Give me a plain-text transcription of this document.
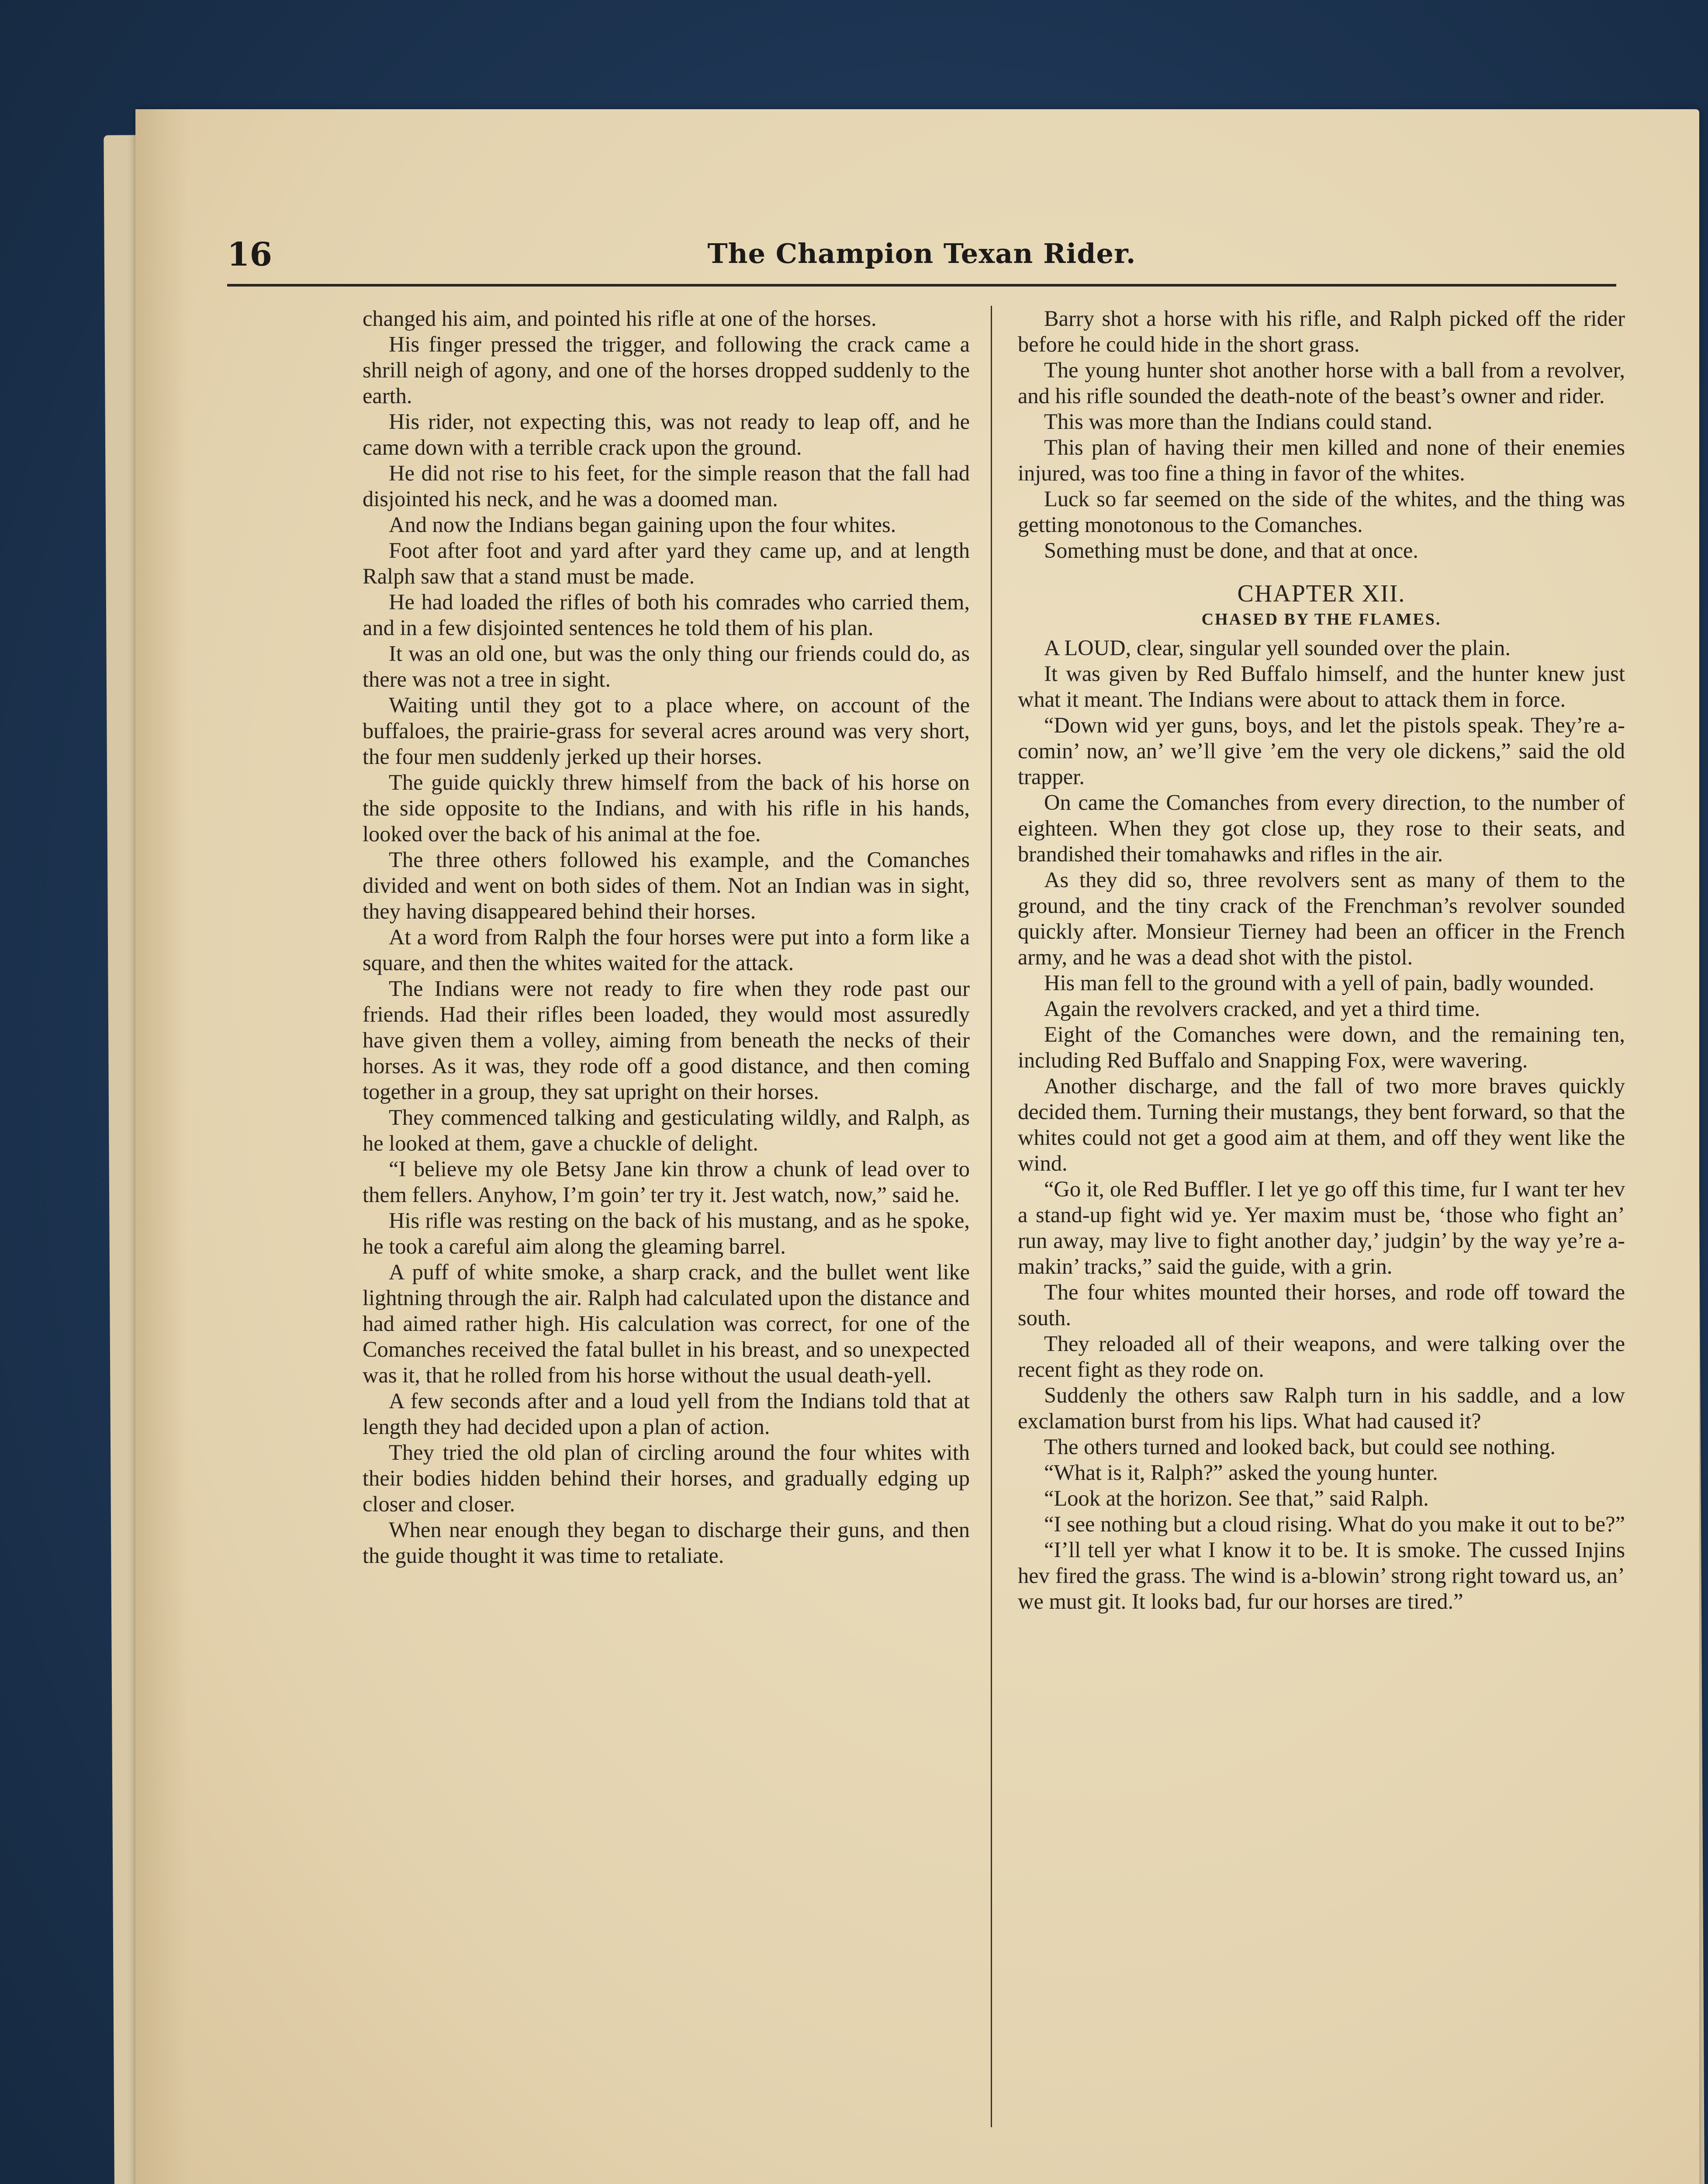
16	The Champion Texan Rider.

changed his aim, and pointed his rifle at one of the horses.

His finger pressed the trigger, and following the crack came a shrill neigh of agony, and one of the horses dropped suddenly to the earth.

His rider, not expecting this, was not ready to leap off, and he came down with a terrible crack upon the ground.

He did not rise to his feet, for the simple reason that the fall had disjointed his neck, and he was a doomed man.

And now the Indians began gaining upon the four whites.

Foot after foot and yard after yard they came up, and at length Ralph saw that a stand must be made.

He had loaded the rifles of both his comrades who carried them, and in a few disjointed sentences he told them of his plan.

It was an old one, but was the only thing our friends could do, as there was not a tree in sight.

Waiting until they got to a place where, on account of the buffaloes, the prairie-grass for several acres around was very short, the four men suddenly jerked up their horses.

The guide quickly threw himself from the back of his horse on the side opposite to the Indians, and with his rifle in his hands, looked over the back of his animal at the foe.

The three others followed his example, and the Comanches divided and went on both sides of them. Not an Indian was in sight, they having disappeared behind their horses.

At a word from Ralph the four horses were put into a form like a square, and then the whites waited for the attack.

The Indians were not ready to fire when they rode past our friends. Had their rifles been loaded, they would most assuredly have given them a volley, aiming from beneath the necks of their horses. As it was, they rode off a good distance, and then coming together in a group, they sat upright on their horses.

They commenced talking and gesticulating wildly, and Ralph, as he looked at them, gave a chuckle of delight.

“I believe my ole Betsy Jane kin throw a chunk of lead over to them fellers. Anyhow, I’m goin’ ter try it. Jest watch, now,” said he.

His rifle was resting on the back of his mustang, and as he spoke, he took a careful aim along the gleaming barrel.

A puff of white smoke, a sharp crack, and the bullet went like lightning through the air. Ralph had calculated upon the distance and had aimed rather high. His calculation was correct, for one of the Comanches received the fatal bullet in his breast, and so unexpected was it, that he rolled from his horse without the usual death-yell.

A few seconds after and a loud yell from the Indians told that at length they had decided upon a plan of action.

They tried the old plan of circling around the four whites with their bodies hidden behind their horses, and gradually edging up closer and closer.

When near enough they began to discharge their guns, and then the guide thought it was time to retaliate.

Barry shot a horse with his rifle, and Ralph picked off the rider before he could hide in the short grass.

The young hunter shot another horse with a ball from a revolver, and his rifle sounded the death-note of the beast’s owner and rider.

This was more than the Indians could stand.

This plan of having their men killed and none of their enemies injured, was too fine a thing in favor of the whites.

Luck so far seemed on the side of the whites, and the thing was getting monotonous to the Comanches.

Something must be done, and that at once.

CHAPTER XII.

CHASED BY THE FLAMES.

A LOUD, clear, singular yell sounded over the plain.

It was given by Red Buffalo himself, and the hunter knew just what it meant. The Indians were about to attack them in force.

“Down wid yer guns, boys, and let the pistols speak. They’re a-comin’ now, an’ we’ll give ’em the very ole dickens,” said the old trapper.

On came the Comanches from every direction, to the number of eighteen. When they got close up, they rose to their seats, and brandished their tomahawks and rifles in the air.

As they did so, three revolvers sent as many of them to the ground, and the tiny crack of the Frenchman’s revolver sounded quickly after. Monsieur Tierney had been an officer in the French army, and he was a dead shot with the pistol.

His man fell to the ground with a yell of pain, badly wounded.

Again the revolvers cracked, and yet a third time.

Eight of the Comanches were down, and the remaining ten, including Red Buffalo and Snapping Fox, were wavering.

Another discharge, and the fall of two more braves quickly decided them. Turning their mustangs, they bent forward, so that the whites could not get a good aim at them, and off they went like the wind.

“Go it, ole Red Buffler. I let ye go off this time, fur I want ter hev a stand-up fight wid ye. Yer maxim must be, ‘those who fight an’ run away, may live to fight another day,’ judgin’ by the way ye’re a-makin’ tracks,” said the guide, with a grin.

The four whites mounted their horses, and rode off toward the south.

They reloaded all of their weapons, and were talking over the recent fight as they rode on.

Suddenly the others saw Ralph turn in his saddle, and a low exclamation burst from his lips. What had caused it?

The others turned and looked back, but could see nothing.

“What is it, Ralph?” asked the young hunter.

“Look at the horizon. See that,” said Ralph.

“I see nothing but a cloud rising. What do you make it out to be?”

“I’ll tell yer what I know it to be. It is smoke. The cussed Injins hev fired the grass. The wind is a-blowin’ strong right toward us, an’ we must git. It looks bad, fur our horses are tired.”
